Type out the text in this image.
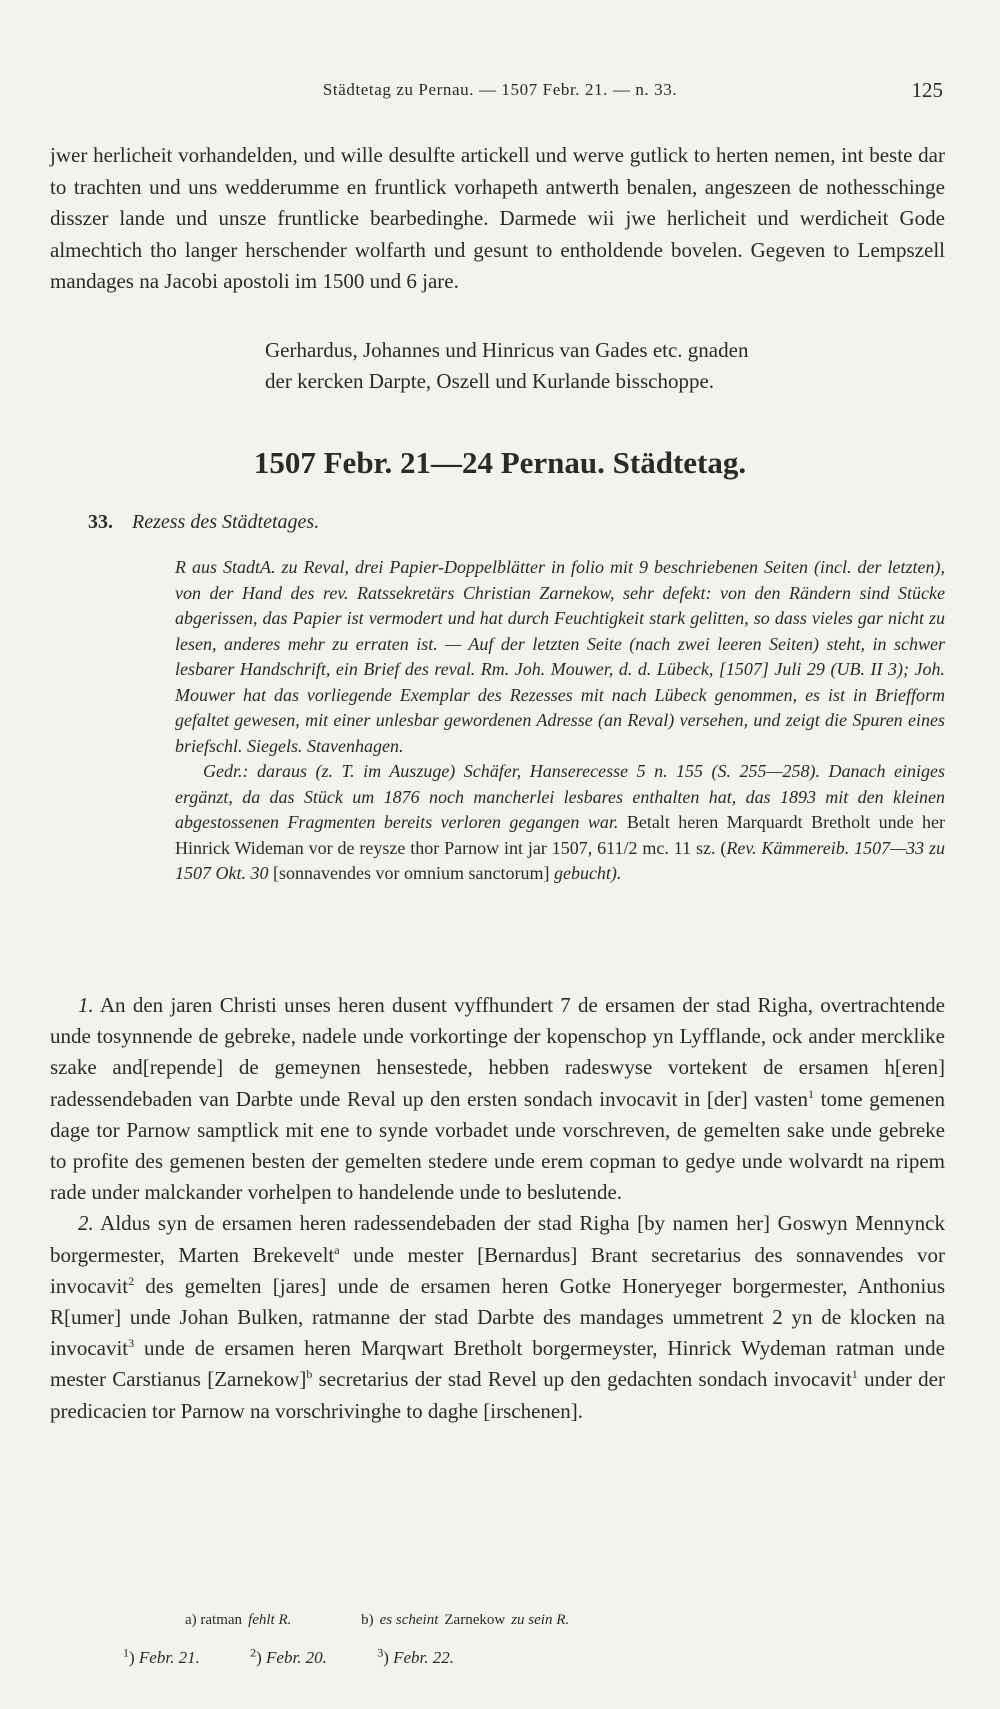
Städtetag zu Pernau. — 1507 Febr. 21. — n. 33.	125

jwer herlicheit vorhandelden, und wille desulfte artickell und werve gutlick to herten nemen, int beste dar to trachten und uns wedderumme en fruntlick vorhapeth antwerth benalen, angeszeen de nothesschinge disszer lande und unsze fruntlicke bearbedinghe. Darmede wii jwe herlicheit und werdicheit Gode almechtich tho langer herschender wolfarth und gesunt to entholdende bovelen. Gegeven to Lempszell mandages na Jacobi apostoli im 1500 und 6 jare.

Gerhardus, Johannes und Hinricus van Gades etc. gnaden

der kercken Darpte, Oszell und Kurlande bisschoppe.

1507 Febr. 21—24 Pernau. Städtetag.
33. Rezess des Städtetages.

R aus StadtA. zu Reval, drei Papier-Doppelblätter in folio mit 9 beschriebenen Seiten (incl. der letzten), von der Hand des rev. Ratssekretärs Christian Zarnekow, sehr defekt: von den Rändern sind Stücke abgerissen, das Papier ist vermodert und hat durch Feuchtigkeit stark gelitten, so dass vieles gar nicht zu lesen, anderes mehr zu erraten ist. — Auf der letzten Seite (nach zwei leeren Seiten) steht, in schwer lesbarer Handschrift, ein Brief des reval. Rm. Joh. Mouwer, d. d. Lübeck, [1507] Juli 29 (UB. II 3); Joh. Mouwer hat das vorliegende Exemplar des Rezesses mit nach Lübeck genommen, es ist in Briefform gefaltet gewesen, mit einer unlesbar gewordenen Adresse (an Reval) versehen, und zeigt die Spuren eines briefschl. Siegels. Stavenhagen.

Gedr.: daraus (z. T. im Auszuge) Schäfer, Hanserecesse 5 n. 155 (S. 255—258). Danach einiges ergänzt, da das Stück um 1876 noch mancherlei lesbares enthalten hat, das 1893 mit den kleinen abgestossenen Fragmenten bereits verloren gegangen war. Betalt heren Marquardt Bretholt unde her Hinrick Wideman vor de reysze thor Parnow int jar 1507, 611/2 mc. 11 sz. (Rev. Kämmereib. 1507—33 zu 1507 Okt. 30 [sonnavendes vor omnium sanctorum] gebucht).

1. An den jaren Christi unses heren dusent vyffhundert 7 de ersamen der stad Righa, overtrachtende unde tosynnende de gebreke, nadele unde vorkortinge der kopenschop yn Lyfflande, ock ander mercklike szake and[repende] de gemeynen hensestede, hebben radeswyse vortekent de ersamen h[eren] radessendebaden van Darbte unde Reval up den ersten sondach invocavit in [der] vasten$^1$ tome gemenen dage tor Parnow samptlick mit ene to synde vorbadet unde vorschreven, de gemelten sake unde gebreke to profite des gemenen besten der gemelten stedere unde erem copman to gedye unde wolvardt na ripem rade under malckander vorhelpen to handelende unde to beslutende.

2. Aldus syn de ersamen heren radessendebaden der stad Righa [by namen her] Goswyn Mennynck borgermester, Marten Brekevelt$^a$ unde mester [Bernardus] Brant secretarius des sonnavendes vor invocavit$^2$ des gemelten [jares] unde de ersamen heren Gotke Honeryeger borgermester, Anthonius R[umer] unde Johan Bulken, ratmanne der stad Darbte des mandages ummetrent 2 yn de klocken na invocavit$^3$ unde de ersamen heren Marqwart Bretholt borgermeyster, Hinrick Wydeman ratman unde mester Carstianus [Zarnekow]$^b$ secretarius der stad Revel up den gedachten sondach invocavit$^1$ under der predicacien tor Parnow na vorschrivinghe to daghe [irschenen].

a) ratman fehlt R.	b) es scheint Zarnekow zu sein R.
$^1$) Febr. 21.	$^2$) Febr. 20.	$^3$) Febr. 22.
